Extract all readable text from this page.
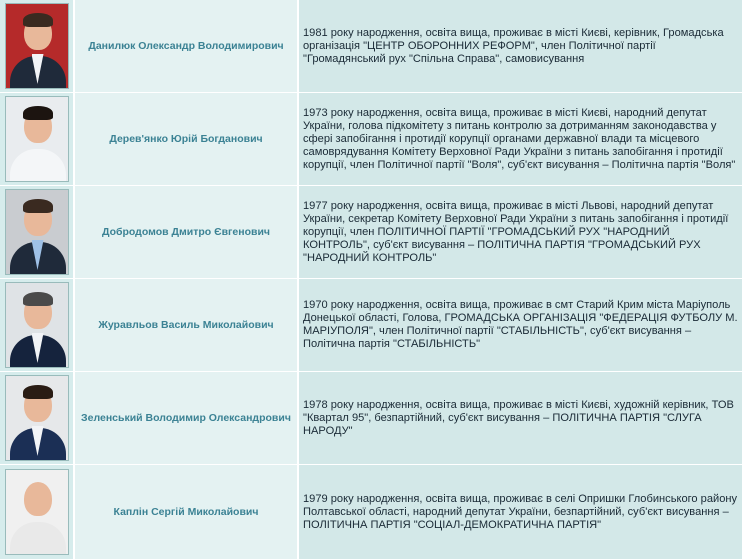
Данилюк Олександр Володимирович
1981 року народження, освіта вища, проживає в місті Києві, керівник, Громадська організація "ЦЕНТР ОБОРОННИХ РЕФОРМ", член Політичної партії "Громадянський рух "Спільна Справа", самовисування
Дерев'янко Юрій Богданович
1973 року народження, освіта вища, проживає в місті Києві, народний депутат України, голова підкомітету з питань контролю за дотриманням законодавства у сфері запобігання і протидії корупції органами державної влади та місцевого самоврядування Комітету Верховної Ради України з питань запобігання і протидії корупції, член Політичної партії "Воля", суб'єкт висування – Політична партія "Воля"
Добродомов Дмитро Євгенович
1977 року народження, освіта вища, проживає в місті Львові, народний депутат України, секретар Комітету Верховної Ради України з питань запобігання і протидії корупції, член ПОЛІТИЧНОЇ ПАРТІЇ "ГРОМАДСЬКИЙ РУХ "НАРОДНИЙ КОНТРОЛЬ", суб'єкт висування – ПОЛІТИЧНА ПАРТІЯ "ГРОМАДСЬКИЙ РУХ "НАРОДНИЙ КОНТРОЛЬ"
Журавльов Василь Миколайович
1970 року народження, освіта вища, проживає в смт Старий Крим міста Маріуполь Донецької області, Голова, ГРОМАДСЬКА ОРГАНІЗАЦІЯ "ФЕДЕРАЦІЯ ФУТБОЛУ М. МАРІУПОЛЯ", член Політичної партії "СТАБІЛЬНІСТЬ", суб'єкт висування – Політична партія "СТАБІЛЬНІСТЬ"
Зеленський Володимир Олександрович
1978 року народження, освіта вища, проживає в місті Києві, художній керівник, ТОВ "Квартал 95", безпартійний, суб'єкт висування – ПОЛІТИЧНА ПАРТІЯ "СЛУГА НАРОДУ"
Каплін Сергій Миколайович
1979 року народження, освіта вища, проживає в селі Опришки Глобинського району Полтавської області, народний депутат України, безпартійний, суб'єкт висування – ПОЛІТИЧНА ПАРТІЯ "СОЦІАЛ-ДЕМОКРАТИЧНА ПАРТІЯ"
